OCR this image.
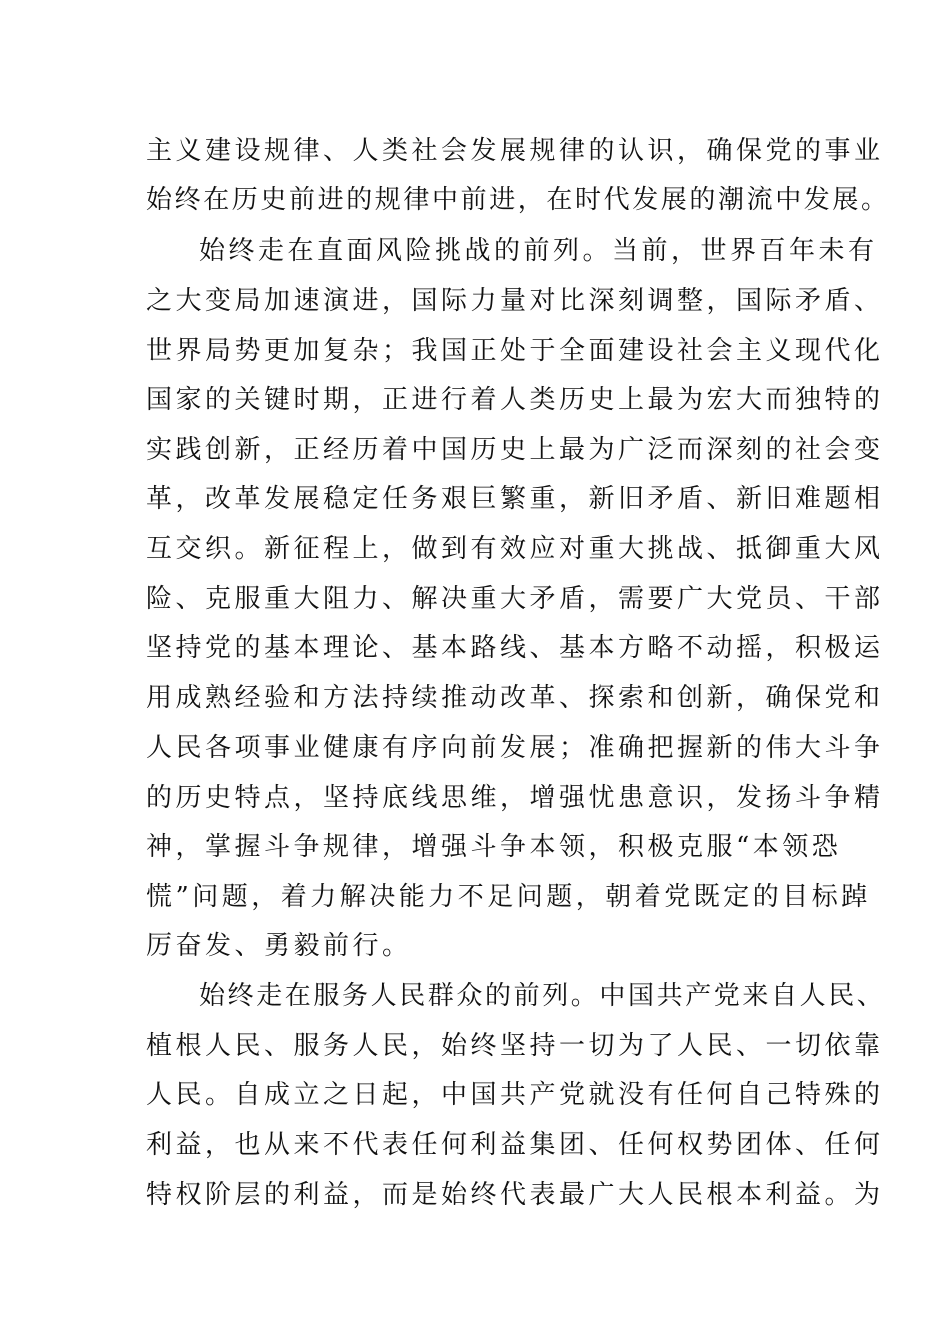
主义建设规律、人类社会发展规律的认识，确保党的事业
始终在历史前进的规律中前进，在时代发展的潮流中发展。
始终走在直面风险挑战的前列。当前，世界百年未有
之大变局加速演进，国际力量对比深刻调整，国际矛盾、
世界局势更加复杂；我国正处于全面建设社会主义现代化
国家的关键时期，正进行着人类历史上最为宏大而独特的
实践创新，正经历着中国历史上最为广泛而深刻的社会变
革，改革发展稳定任务艰巨繁重，新旧矛盾、新旧难题相
互交织。新征程上，做到有效应对重大挑战、抵御重大风
险、克服重大阻力、解决重大矛盾，需要广大党员、干部
坚持党的基本理论、基本路线、基本方略不动摇，积极运
用成熟经验和方法持续推动改革、探索和创新，确保党和
人民各项事业健康有序向前发展；准确把握新的伟大斗争
的历史特点，坚持底线思维，增强忧患意识，发扬斗争精
神，掌握斗争规律，增强斗争本领，积极克服“本领恐
慌”问题，着力解决能力不足问题，朝着党既定的目标踔
厉奋发、勇毅前行。
始终走在服务人民群众的前列。中国共产党来自人民、
植根人民、服务人民，始终坚持一切为了人民、一切依靠
人民。自成立之日起，中国共产党就没有任何自己特殊的
利益，也从来不代表任何利益集团、任何权势团体、任何
特权阶层的利益，而是始终代表最广大人民根本利益。为
